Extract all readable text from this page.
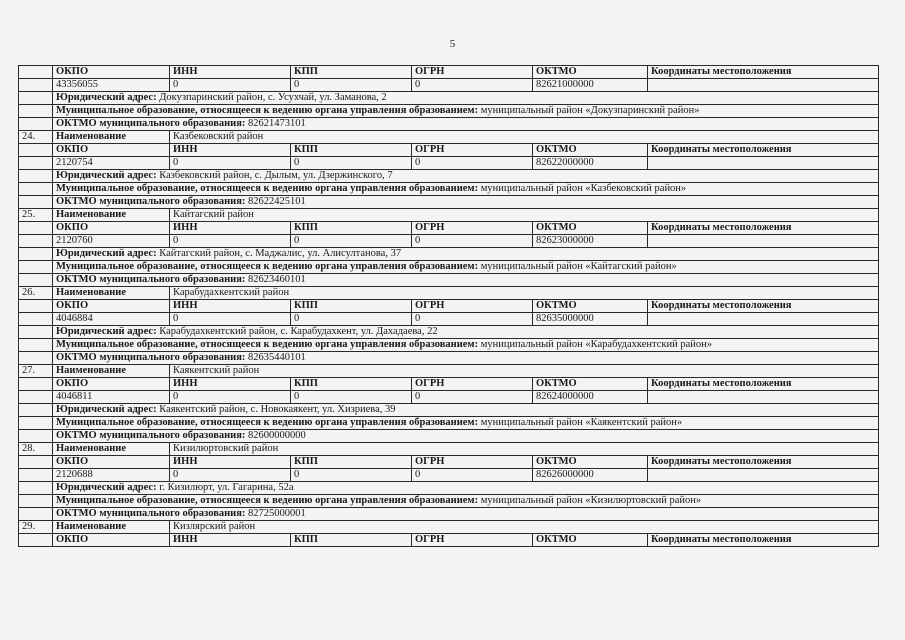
5
	ОКПО	ИНН	КПП	ОГРН	ОКТМО	Координаты местоположения
	43356055	0	0	0	82621000000	
	Юридический адрес: Докузпаринский район, с. Усухчай, ул. Заманова, 2					
	Муниципальное образование, относящееся к ведению органа управления образованием: муниципальный район «Докузпаринский район»					
	ОКТМО муниципального образования: 82621473101					
24.	Наименование	Казбековский район				
	ОКПО	ИНН	КПП	ОГРН	ОКТМО	Координаты местоположения
	2120754	0	0	0	82622000000	
	Юридический адрес: Казбековский район, с. Дылым, ул. Дзержинского, 7					
	Муниципальное образование, относящееся к ведению органа управления образованием: муниципальный район «Казбековский район»					
	ОКТМО муниципального образования: 82622425101					
25.	Наименование	Кайтагский район				
	ОКПО	ИНН	КПП	ОГРН	ОКТМО	Координаты местоположения
	2120760	0	0	0	82623000000	
	Юридический адрес: Кайтагский район, с. Маджалис, ул. Алисултанова, 37					
	Муниципальное образование, относящееся к ведению органа управления образованием: муниципальный район «Кайтагский район»					
	ОКТМО муниципального образования: 82623460101					
26.	Наименование	Карабудахкентский район				
	ОКПО	ИНН	КПП	ОГРН	ОКТМО	Координаты местоположения
	4046884	0	0	0	82635000000	
	Юридический адрес: Карабудахкентский район, с. Карабудахкент, ул. Дахадаева, 22					
	Муниципальное образование, относящееся к ведению органа управления образованием: муниципальный район «Карабудахкентский район»					
	ОКТМО муниципального образования: 82635440101					
27.	Наименование	Каякентский район				
	ОКПО	ИНН	КПП	ОГРН	ОКТМО	Координаты местоположения
	4046811	0	0	0	82624000000	
	Юридический адрес: Каякентский район, с. Новокаякент, ул. Хизриева, 39					
	Муниципальное образование, относящееся к ведению органа управления образованием: муниципальный район «Каякентский район»					
	ОКТМО муниципального образования: 82600000000					
28.	Наименование	Кизилюртовский район				
	ОКПО	ИНН	КПП	ОГРН	ОКТМО	Координаты местоположения
	2120688	0	0	0	82626000000	
	Юридический адрес: г. Кизилюрт, ул. Гагарина, 52а					
	Муниципальное образование, относящееся к ведению органа управления образованием: муниципальный район «Кизилюртовский район»					
	ОКТМО муниципального образования: 82725000001					
29.	Наименование	Кизлярский район				
	ОКПО	ИНН	КПП	ОГРН	ОКТМО	Координаты местоположения
